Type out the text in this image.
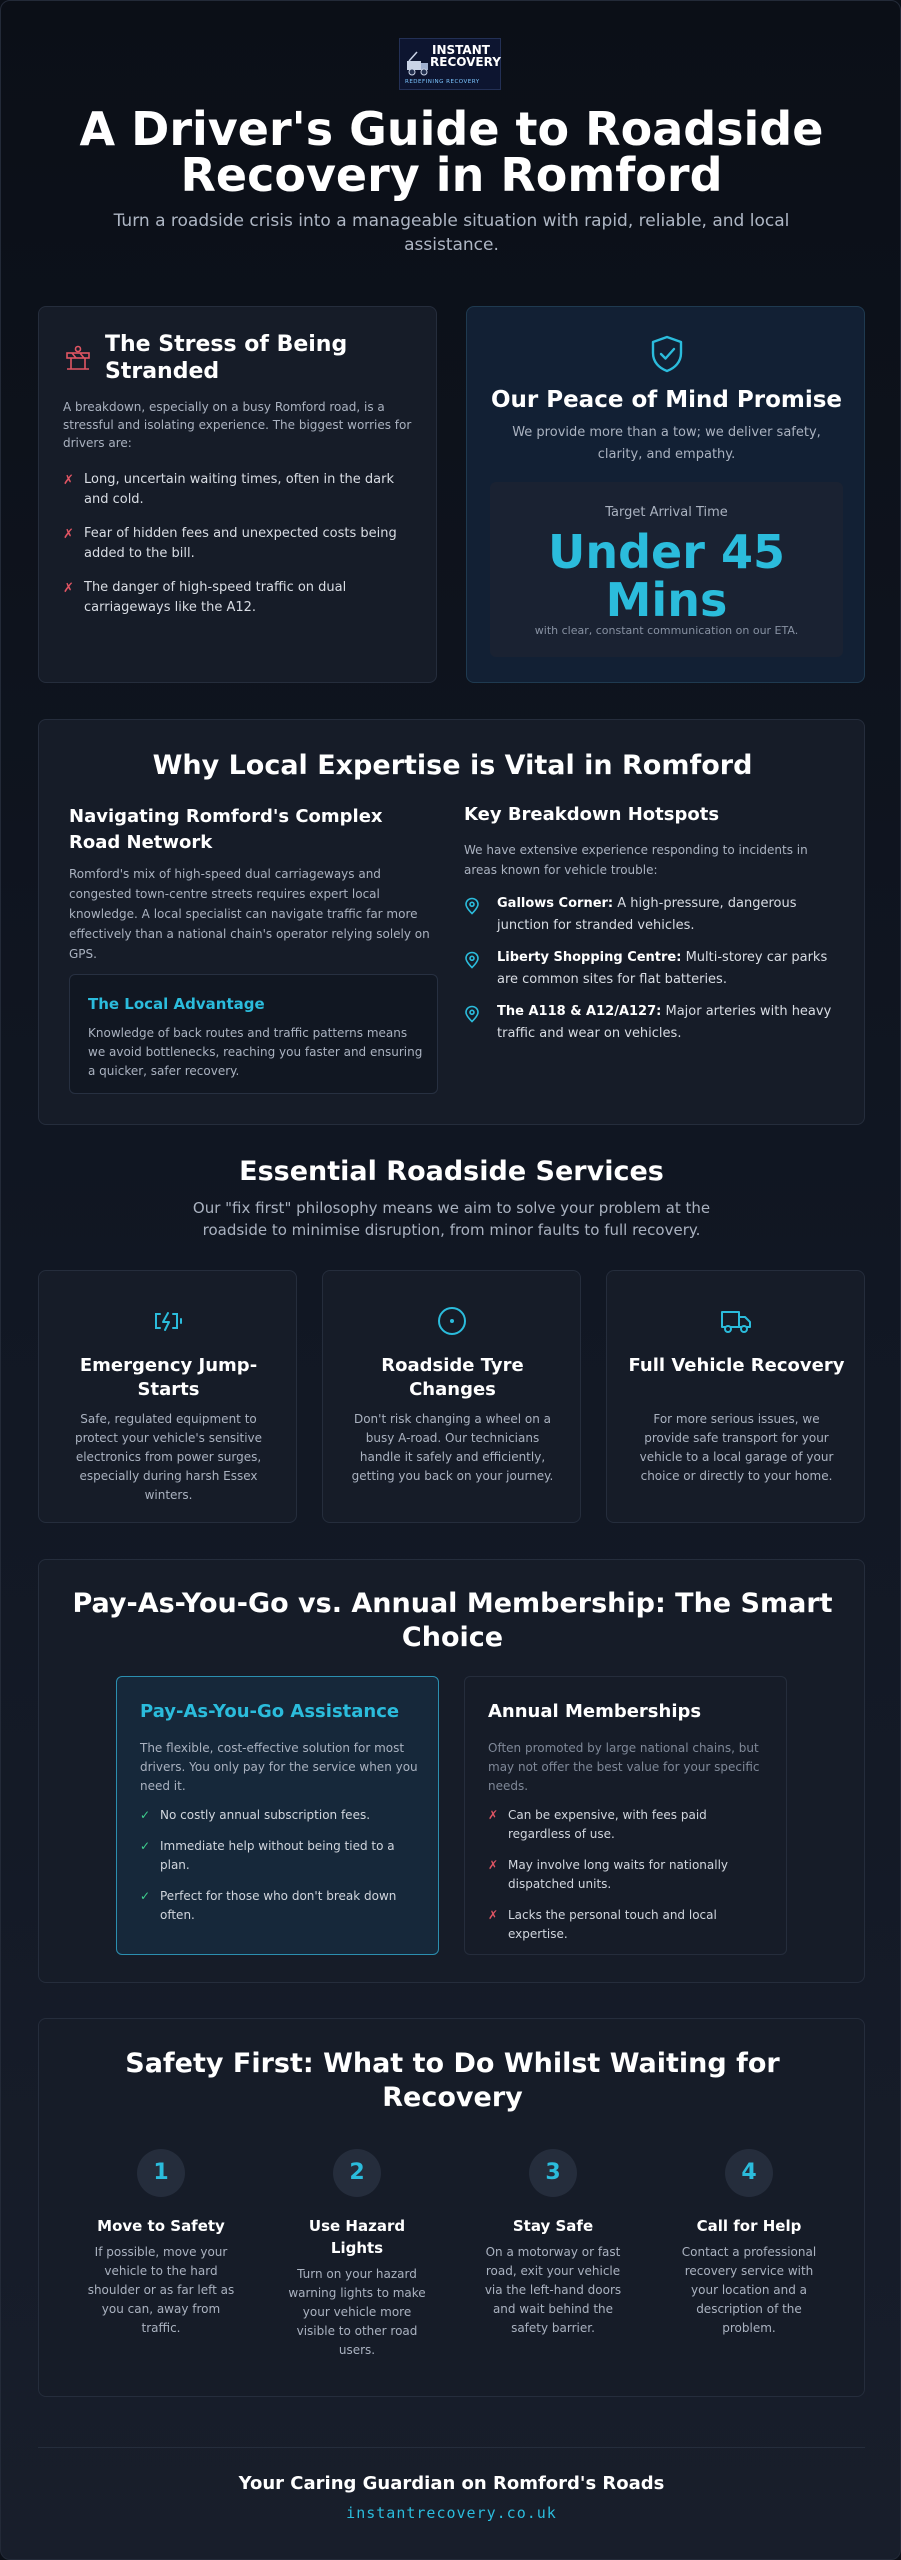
INSTANT
RECOVERY
REDEFINING RECOVERY
A Driver's Guide to Roadside Recovery in Romford

Turn a roadside crisis into a manageable situation with rapid, reliable, and local assistance.

The Stress of Being Stranded

A breakdown, especially on a busy Romford road, is a stressful and isolating experience. The biggest worries for drivers are:

✗ Long, uncertain waiting times, often in the dark and cold.
✗ Fear of hidden fees and unexpected costs being added to the bill.
✗ The danger of high-speed traffic on dual carriageways like the A12.
Our Peace of Mind Promise

We provide more than a tow; we deliver safety, clarity, and empathy.

Target Arrival Time
Under 45 Mins
with clear, constant communication on our ETA.
Why Local Expertise is Vital in Romford
Navigating Romford's Complex Road Network

Romford's mix of high-speed dual carriageways and congested town-centre streets requires expert local knowledge. A local specialist can navigate traffic far more effectively than a national chain's operator relying solely on GPS.

The Local Advantage

Knowledge of back routes and traffic patterns means we avoid bottlenecks, reaching you faster and ensuring a quicker, safer recovery.

Key Breakdown Hotspots

We have extensive experience responding to incidents in areas known for vehicle trouble:

Gallows Corner: A high-pressure, dangerous junction for stranded vehicles.
Liberty Shopping Centre: Multi-storey car parks are common sites for flat batteries.
The A118 & A12/A127: Major arteries with heavy traffic and wear on vehicles.
Essential Roadside Services

Our "fix first" philosophy means we aim to solve your problem at the roadside to minimise disruption, from minor faults to full recovery.

Emergency Jump-Starts

Safe, regulated equipment to protect your vehicle's sensitive electronics from power surges, especially during harsh Essex winters.

Roadside Tyre Changes

Don't risk changing a wheel on a busy A-road. Our technicians handle it safely and efficiently, getting you back on your journey.

Full Vehicle Recovery

For more serious issues, we provide safe transport for your vehicle to a local garage of your choice or directly to your home.

Pay-As-You-Go vs. Annual Membership: The Smart Choice
Pay-As-You-Go Assistance

The flexible, cost-effective solution for most drivers. You only pay for the service when you need it.

✓ No costly annual subscription fees.
✓ Immediate help without being tied to a plan.
✓ Perfect for those who don't break down often.
Annual Memberships

Often promoted by large national chains, but may not offer the best value for your specific needs.

✗ Can be expensive, with fees paid regardless of use.
✗ May involve long waits for nationally dispatched units.
✗ Lacks the personal touch and local expertise.
Safety First: What to Do Whilst Waiting for Recovery
1
Move to Safety
If possible, move your vehicle to the hard shoulder or as far left as you can, away from traffic.
2
Use Hazard Lights
Turn on your hazard warning lights to make your vehicle more visible to other road users.
3
Stay Safe
On a motorway or fast road, exit your vehicle via the left-hand doors and wait behind the safety barrier.
4
Call for Help
Contact a professional recovery service with your location and a description of the problem.
Your Caring Guardian on Romford's Roads
instantrecovery.co.uk
